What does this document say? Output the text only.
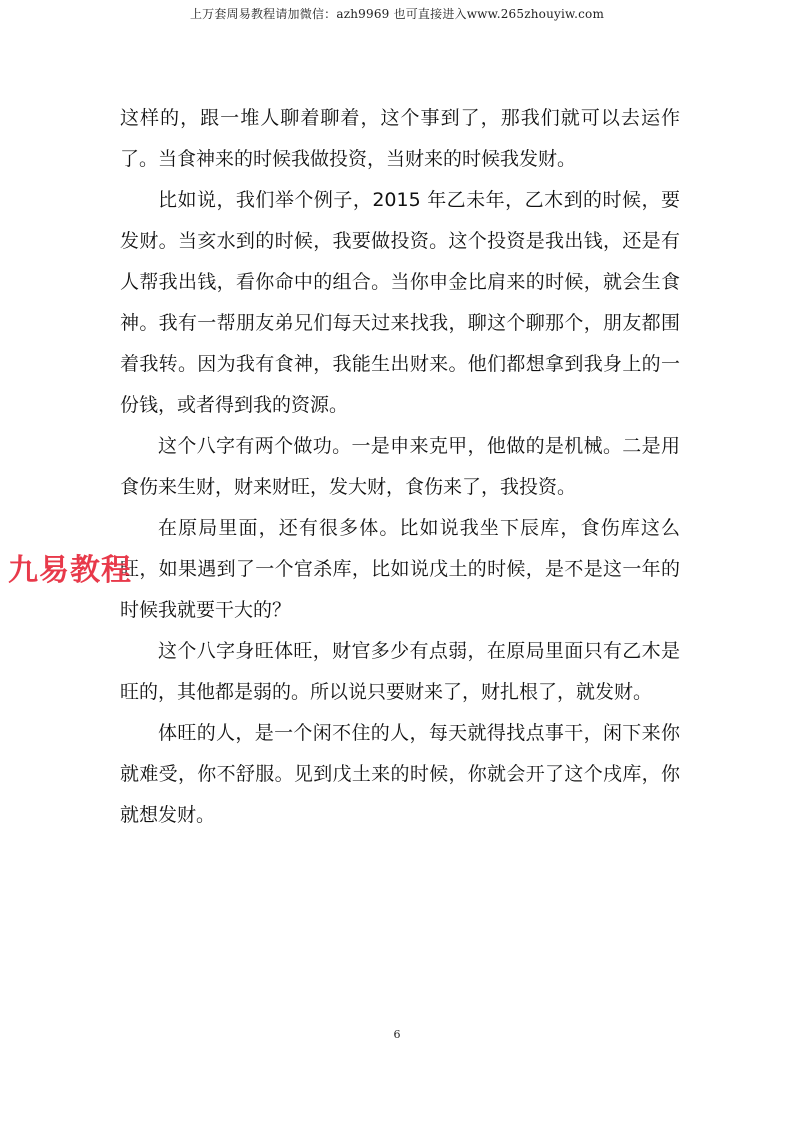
上万套周易教程请加微信：azh9969 也可直接进入www.265zhouyiw.com

这样的，跟一堆人聊着聊着，这个事到了，那我们就可以去运作了。当食神来的时候我做投资，当财来的时候我发财。

比如说，我们举个例子，2015 年乙未年，乙木到的时候，要发财。当亥水到的时候，我要做投资。这个投资是我出钱，还是有人帮我出钱，看你命中的组合。当你申金比肩来的时候，就会生食神。我有一帮朋友弟兄们每天过来找我，聊这个聊那个，朋友都围着我转。因为我有食神，我能生出财来。他们都想拿到我身上的一份钱，或者得到我的资源。

这个八字有两个做功。一是申来克甲，他做的是机械。二是用食伤来生财，财来财旺，发大财，食伤来了，我投资。

在原局里面，还有很多体。比如说我坐下辰库，食伤库这么旺，如果遇到了一个官杀库，比如说戊土的时候，是不是这一年的时候我就要干大的？

这个八字身旺体旺，财官多少有点弱，在原局里面只有乙木是旺的，其他都是弱的。所以说只要财来了，财扎根了，就发财。

体旺的人，是一个闲不住的人，每天就得找点事干，闲下来你就难受，你不舒服。见到戊土来的时候，你就会开了这个戌库，你就想发财。

九易教程
6
